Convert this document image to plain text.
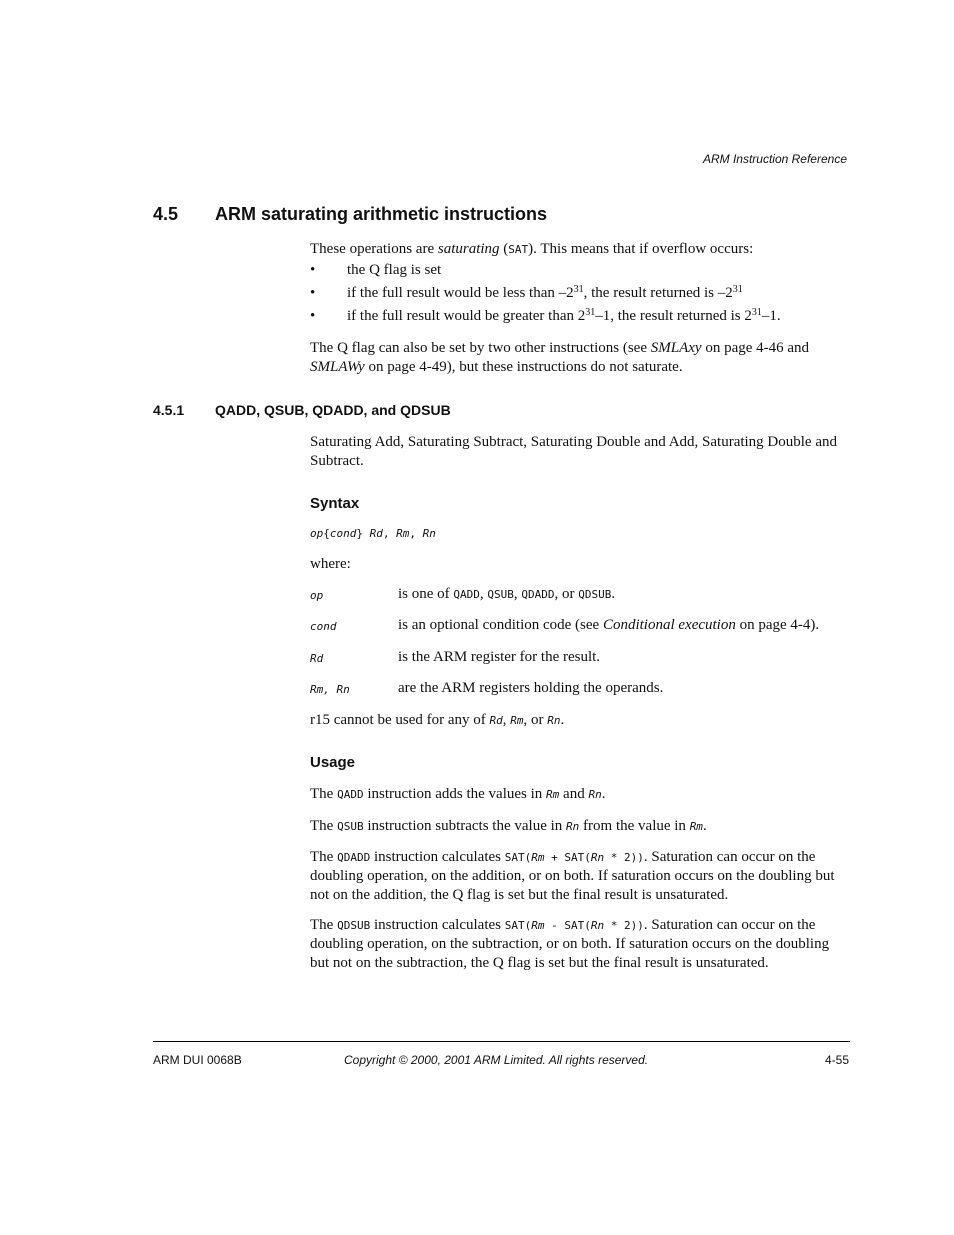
ARM Instruction Reference
4.5 ARM saturating arithmetic instructions
These operations are saturating (SAT). This means that if overflow occurs:
• the Q flag is set
• if the full result would be less than $-2^{31}$, the result returned is $-2^{31}$
• if the full result would be greater than $2^{31}-1$, the result returned is $2^{31}-1$.
The Q flag can also be set by two other instructions (see SMLAxy on page 4-46 and SMLAWy on page 4-49), but these instructions do not saturate.
4.5.1 QADD, QSUB, QDADD, and QDSUB
Saturating Add, Saturating Subtract, Saturating Double and Add, Saturating Double and Subtract.
Syntax
op{cond} Rd, Rm, Rn
where:
op	is one of QADD, QSUB, QDADD, or QDSUB.
cond	is an optional condition code (see Conditional execution on page 4-4).
Rd	is the ARM register for the result.
Rm, Rn	are the ARM registers holding the operands.
r15 cannot be used for any of Rd, Rm, or Rn.
Usage
The QADD instruction adds the values in Rm and Rn.
The QSUB instruction subtracts the value in Rn from the value in Rm.
The QDADD instruction calculates SAT(Rm + SAT(Rn * 2)). Saturation can occur on the doubling operation, on the addition, or on both. If saturation occurs on the doubling but not on the addition, the Q flag is set but the final result is unsaturated.
The QDSUB instruction calculates SAT(Rm - SAT(Rn * 2)). Saturation can occur on the doubling operation, on the subtraction, or on both. If saturation occurs on the doubling but not on the subtraction, the Q flag is set but the final result is unsaturated.
ARM DUI 0068B	Copyright © 2000, 2001 ARM Limited. All rights reserved.	4-55
